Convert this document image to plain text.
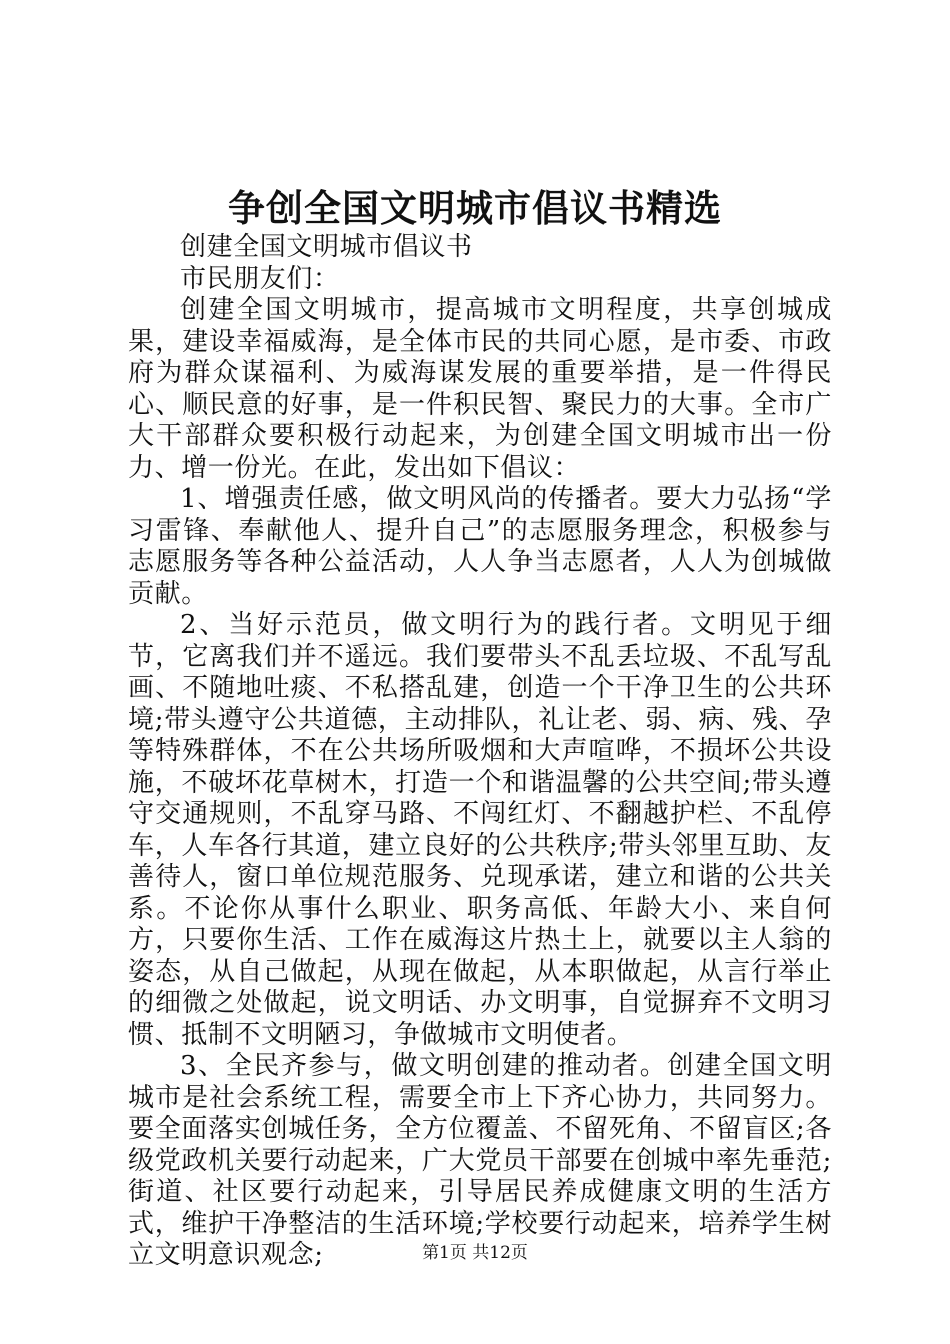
争创全国文明城市倡议书精选

创建全国文明城市倡议书

市民朋友们：

创建全国文明城市，提高城市文明程度，共享创城成果，建设幸福威海，是全体市民的共同心愿，是市委、市政府为群众谋福利、为威海谋发展的重要举措，是一件得民心、顺民意的好事，是一件积民智、聚民力的大事。全市广大干部群众要积极行动起来，为创建全国文明城市出一份力、增一份光。在此，发出如下倡议：

1、增强责任感，做文明风尚的传播者。要大力弘扬“学习雷锋、奉献他人、提升自己”的志愿服务理念，积极参与志愿服务等各种公益活动，人人争当志愿者，人人为创城做贡献。

2、当好示范员，做文明行为的践行者。文明见于细节，它离我们并不遥远。我们要带头不乱丢垃圾、不乱写乱画、不随地吐痰、不私搭乱建，创造一个干净卫生的公共环境;带头遵守公共道德，主动排队，礼让老、弱、病、残、孕等特殊群体，不在公共场所吸烟和大声喧哗，不损坏公共设施，不破坏花草树木，打造一个和谐温馨的公共空间;带头遵守交通规则，不乱穿马路、不闯红灯、不翻越护栏、不乱停车，人车各行其道，建立良好的公共秩序;带头邻里互助、友善待人，窗口单位规范服务、兑现承诺，建立和谐的公共关系。不论你从事什么职业、职务高低、年龄大小、来自何方，只要你生活、工作在威海这片热土上，就要以主人翁的姿态，从自己做起，从现在做起，从本职做起，从言行举止的细微之处做起，说文明话、办文明事，自觉摒弃不文明习惯、抵制不文明陋习，争做城市文明使者。

3、全民齐参与，做文明创建的推动者。创建全国文明城市是社会系统工程，需要全市上下齐心协力，共同努力。要全面落实创城任务，全方位覆盖、不留死角、不留盲区;各级党政机关要行动起来，广大党员干部要在创城中率先垂范;街道、社区要行动起来，引导居民养成健康文明的生活方式，维护干净整洁的生活环境;学校要行动起来，培养学生树立文明意识观念;	第1页 共12页
